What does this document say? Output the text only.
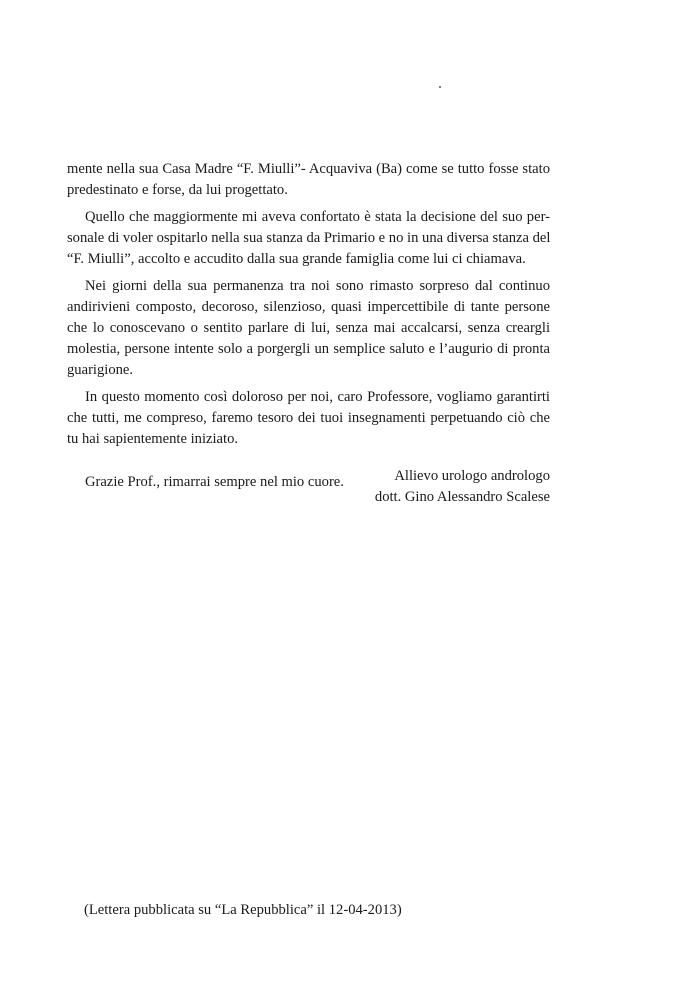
mente nella sua Casa Madre “F. Miulli”- Acquaviva (Ba) come se tutto fosse stato
predestinato e forse, da lui progettato.

Quello che maggiormente mi aveva confortato è stata la decisione del suo per-
sonale di voler ospitarlo nella sua stanza da Primario e no in una diversa stanza del
“F. Miulli”, accolto e accudito dalla sua grande famiglia come lui ci chiamava.

Nei giorni della sua permanenza tra noi sono rimasto sorpreso dal continuo
andirivieni composto, decoroso, silenzioso, quasi impercettibile di tante persone
che lo conoscevano o sentito parlare di lui, senza mai accalcarsi, senza creargli
molestia, persone intente solo a porgergli un semplice saluto e l’augurio di pronta
guarigione.

In questo momento così doloroso per noi, caro Professore, vogliamo garantirti
che tutti, me compreso, faremo tesoro dei tuoi insegnamenti perpetuando ciò che
tu hai sapientemente iniziato.

Grazie Prof., rimarrai sempre nel mio cuore.	Allievo urologo andrologo
dott. Gino Alessandro Scalese
(Lettera pubblicata su “La Repubblica” il 12-04-2013)
